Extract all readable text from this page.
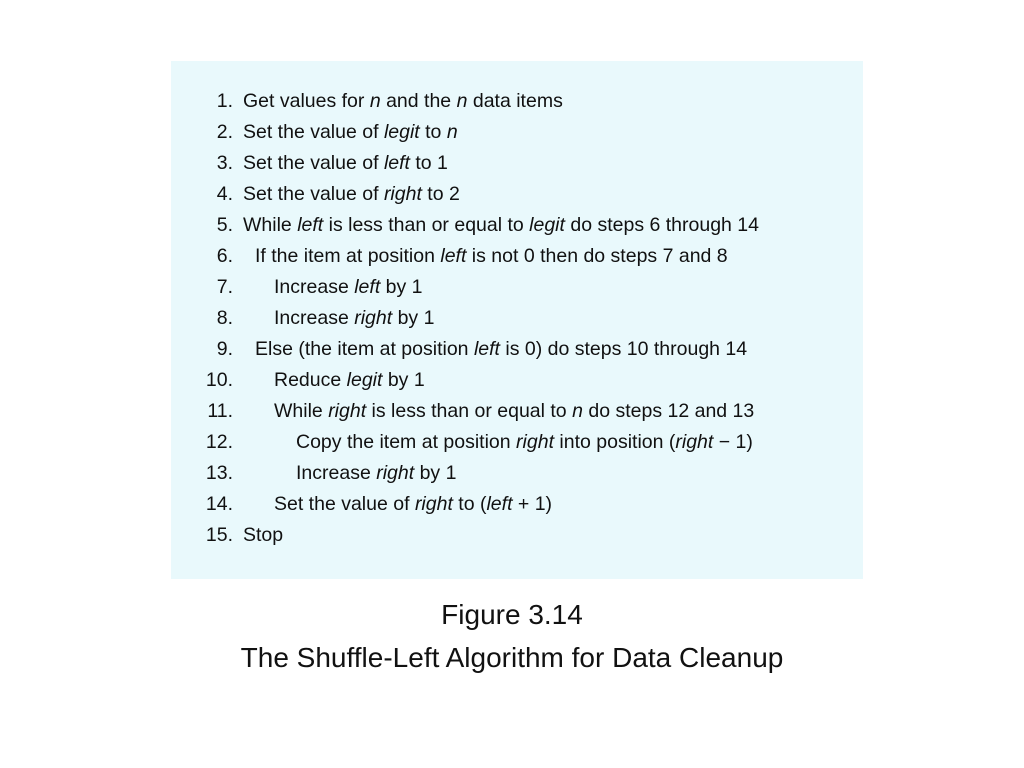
1. Get values for n and the n data items
2. Set the value of legit to n
3. Set the value of left to 1
4. Set the value of right to 2
5. While left is less than or equal to legit do steps 6 through 14
6. If the item at position left is not 0 then do steps 7 and 8
7. Increase left by 1
8. Increase right by 1
9. Else (the item at position left is 0) do steps 10 through 14
10. Reduce legit by 1
11. While right is less than or equal to n do steps 12 and 13
12.	Copy the item at position right into position (right − 1)
13.	Increase right by 1
14. Set the value of right to (left + 1)
15. Stop
Figure 3.14
The Shuffle-Left Algorithm for Data Cleanup
